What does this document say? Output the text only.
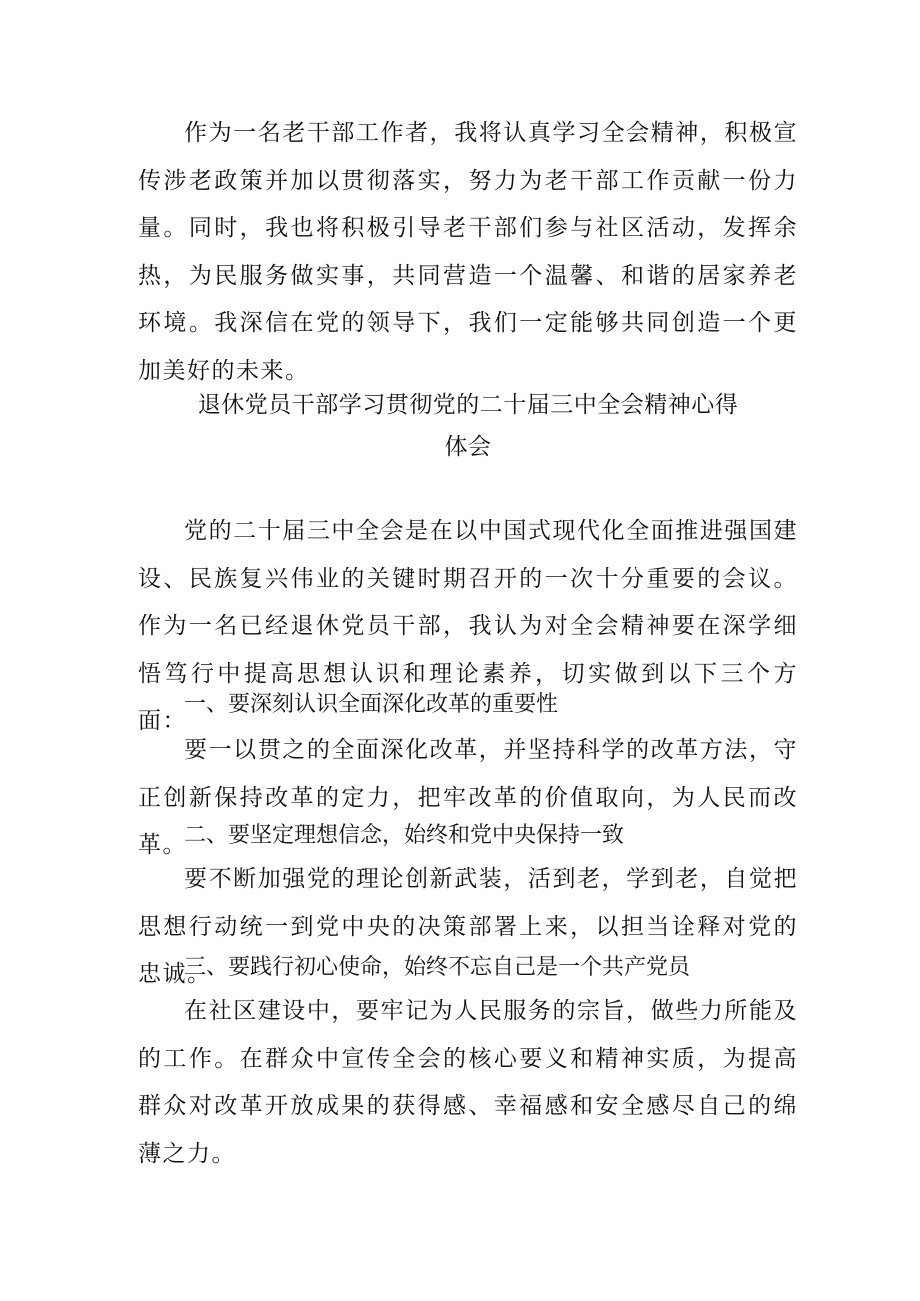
作为一名老干部工作者，我将认真学习全会精神，积极宣传涉老政策并加以贯彻落实，努力为老干部工作贡献一份力量。同时，我也将积极引导老干部们参与社区活动，发挥余热，为民服务做实事，共同营造一个温馨、和谐的居家养老环境。我深信在党的领导下，我们一定能够共同创造一个更加美好的未来。

退休党员干部学习贯彻党的二十届三中全会精神心得
体会

党的二十届三中全会是在以中国式现代化全面推进强国建设、民族复兴伟业的关键时期召开的一次十分重要的会议。作为一名已经退休党员干部，我认为对全会精神要在深学细悟笃行中提高思想认识和理论素养，切实做到以下三个方面：

一、要深刻认识全面深化改革的重要性

要一以贯之的全面深化改革，并坚持科学的改革方法，守正创新保持改革的定力，把牢改革的价值取向，为人民而改革。

二、要坚定理想信念，始终和党中央保持一致

要不断加强党的理论创新武装，活到老，学到老，自觉把思想行动统一到党中央的决策部署上来，以担当诠释对党的忠诚。

三、要践行初心使命，始终不忘自己是一个共产党员

在社区建设中，要牢记为人民服务的宗旨，做些力所能及的工作。在群众中宣传全会的核心要义和精神实质，为提高群众对改革开放成果的获得感、幸福感和安全感尽自己的绵薄之力。
